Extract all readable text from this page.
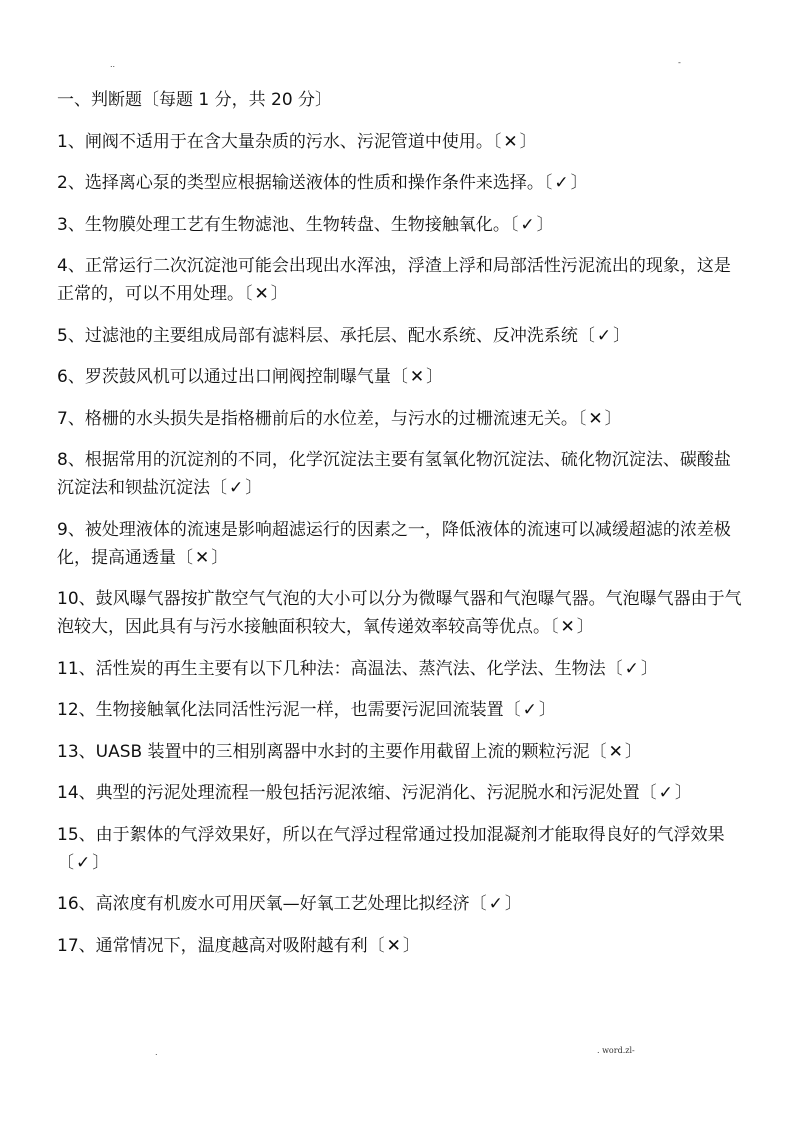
..	-
一、判断题〔每题 1 分，共 20 分〕
1、闸阀不适用于在含大量杂质的污水、污泥管道中使用。〔 ✕ 〕
2、选择离心泵的类型应根据输送液体的性质和操作条件来选择。〔 ✓ 〕
3、生物膜处理工艺有生物滤池、生物转盘、生物接触氧化。〔 ✓ 〕
4、正常运行二次沉淀池可能会出现出水浑浊，浮渣上浮和局部活性污泥流出的现象，这是正常的，可以不用处理。〔 ✕ 〕
5、过滤池的主要组成局部有滤料层、承托层、配水系统、反冲洗系统〔 ✓ 〕
6、罗茨鼓风机可以通过出口闸阀控制曝气量〔 ✕ 〕
7、格栅的水头损失是指格栅前后的水位差，与污水的过栅流速无关。〔 ✕ 〕
8、根据常用的沉淀剂的不同，化学沉淀法主要有氢氧化物沉淀法、硫化物沉淀法、碳酸盐沉淀法和钡盐沉淀法〔 ✓ 〕
9、被处理液体的流速是影响超滤运行的因素之一，降低液体的流速可以减缓超滤的浓差极化，提高通透量〔 ✕ 〕
10、鼓风曝气器按扩散空气气泡的大小可以分为微曝气器和气泡曝气器。气泡曝气器由于气泡较大，因此具有与污水接触面积较大，氧传递效率较高等优点。〔 ✕ 〕
11、活性炭的再生主要有以下几种法：高温法、蒸汽法、化学法、生物法〔 ✓ 〕
12、生物接触氧化法同活性污泥一样，也需要污泥回流装置〔 ✓ 〕
13、UASB 装置中的三相别离器中水封的主要作用截留上流的颗粒污泥〔 ✕ 〕
14、典型的污泥处理流程一般包括污泥浓缩、污泥消化、污泥脱水和污泥处置〔 ✓ 〕
15、由于絮体的气浮效果好，所以在气浮过程常通过投加混凝剂才能取得良好的气浮效果〔 ✓ 〕
16、高浓度有机废水可用厌氧—好氧工艺处理比拟经济〔 ✓ 〕
17、通常情况下，温度越高对吸附越有利〔 ✕ 〕
.	. word.zl-
